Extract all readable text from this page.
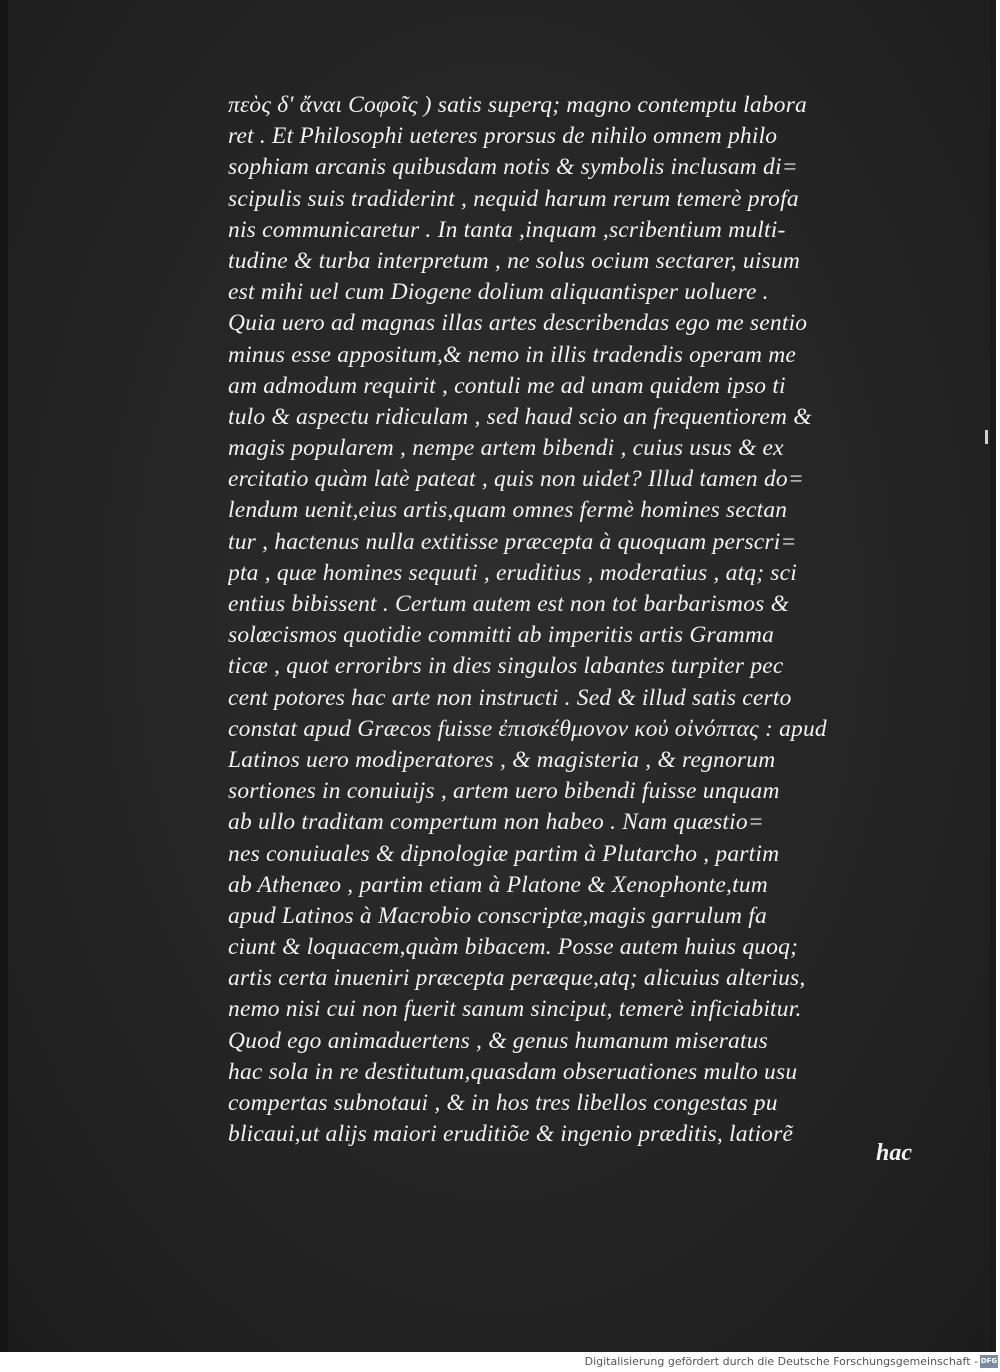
πεὸς δ' ἄναι Cοφοῖς ) satis superq; magno contemptu labora
ret . Et Philosophi ueteres prorsus de nihilo omnem philo
sophiam arcanis quibusdam notis & symbolis inclusam di=
scipulis suis tradiderint , nequid harum rerum temerè profa
nis communicaretur . In tanta ,inquam ,scribentium multi-
tudine & turba interpretum , ne solus ocium sectarer, uisum
est mihi uel cum Diogene dolium aliquantisper uoluere .
Quia uero ad magnas illas artes describendas ego me sentio
minus esse appositum,& nemo in illis tradendis operam me
am admodum requirit , contuli me ad unam quidem ipso ti
tulo & aspectu ridiculam , sed haud scio an frequentiorem &
magis popularem , nempe artem bibendi , cuius usus & ex
ercitatio quàm latè pateat , quis non uidet? Illud tamen do=
lendum uenit,eius artis,quam omnes fermè homines sectan
tur , hactenus nulla extitisse præcepta à quoquam perscri=
pta , quæ homines sequuti , eruditius , moderatius , atq; sci
entius bibissent . Certum autem est non tot barbarismos &
solœcismos quotidie committi ab imperitis artis Gramma
ticæ , quot erroribrs in dies singulos labantes turpiter pec
cent potores hac arte non instructi . Sed & illud satis certo
constat apud Græcos fuisse ἐπισκέθμονον κοὐ οἰνόπτας : apud
Latinos uero modiperatores , & magisteria , & regnorum
sortiones in conuiuijs , artem uero bibendi fuisse unquam
ab ullo traditam compertum non habeo . Nam quæstio=
nes conuiuales & dipnologiæ partim à Plutarcho , partim
ab Athenæo , partim etiam à Platone & Xenophonte,tum
apud Latinos à Macrobio conscriptæ,magis garrulum fa
ciunt & loquacem,quàm bibacem. Posse autem huius quoq;
artis certa inueniri præcepta peræque,atq; alicuius alterius,
nemo nisi cui non fuerit sanum sinciput, temerè inficiabitur.
Quod ego animaduertens , & genus humanum miseratus
hac sola in re destitutum,quasdam obseruationes multo usu
compertas subnotaui , & in hos tres libellos congestas pu
blicaui,ut alijs maiori eruditiõe & ingenio præditis, latiorẽ
hac
Digitalisierung gefördert durch die Deutsche Forschungsgemeinschaft - DFG
